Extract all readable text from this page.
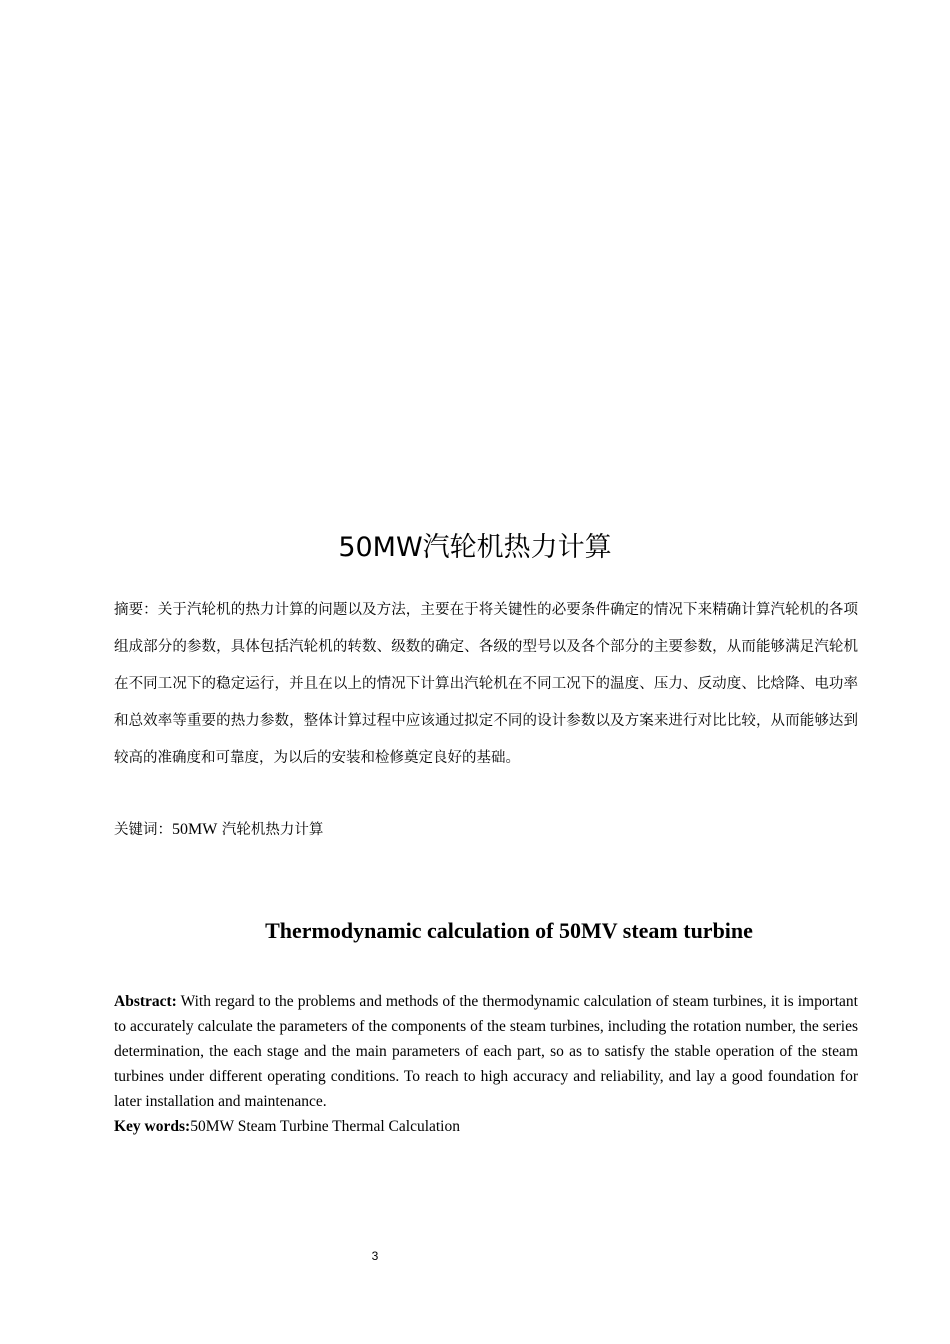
50MW汽轮机热力计算

摘要：关于汽轮机的热力计算的问题以及方法，主要在于将关键性的必要条件确定的情况下来精确计算汽轮机的各项组成部分的参数，具体包括汽轮机的转数、级数的确定、各级的型号以及各个部分的主要参数，从而能够满足汽轮机在不同工况下的稳定运行，并且在以上的情况下计算出汽轮机在不同工况下的温度、压力、反动度、比焓降、电功率和总效率等重要的热力参数，整体计算过程中应该通过拟定不同的设计参数以及方案来进行对比比较，从而能够达到较高的准确度和可靠度，为以后的安装和检修奠定良好的基础。

关键词：50MW 汽轮机热力计算

Thermodynamic calculation of 50MV steam turbine

Abstract: With regard to the problems and methods of the thermodynamic calculation of steam turbines, it is important to accurately calculate the parameters of the components of the steam turbines, including the rotation number, the series determination, the each stage and the main parameters of each part, so as to satisfy the stable operation of the steam turbines under different operating conditions. To reach to high accuracy and reliability, and lay a good foundation for later installation and maintenance.

Key words:50MW Steam Turbine Thermal Calculation

3
